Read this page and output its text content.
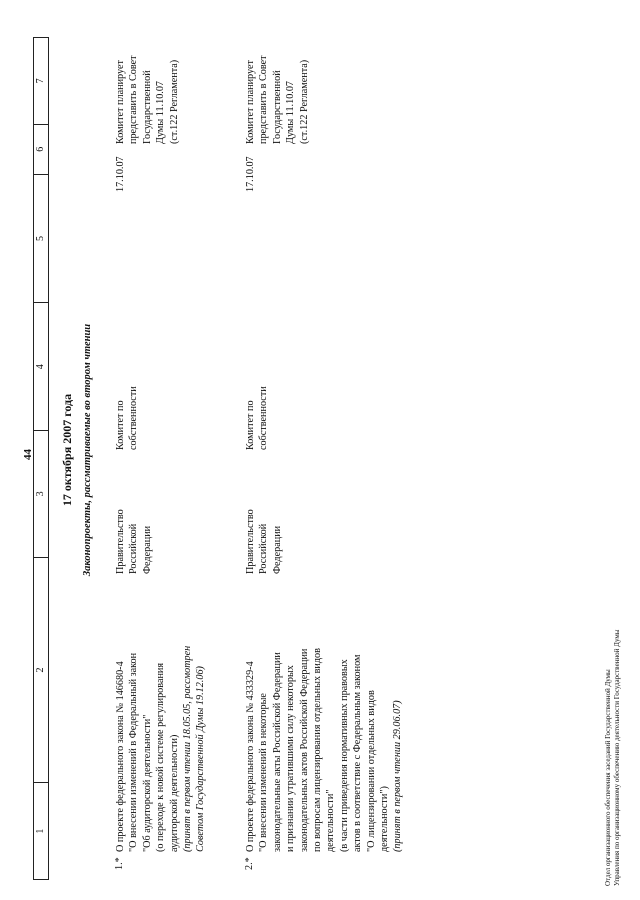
44
1
2
3
4
5
6
7
17 октября 2007 года Законопроекты, рассматриваемые во втором чтении
1.*
О проекте федерального закона № 146680-4 "О внесении изменений в Федеральный закон "Об аудиторской деятельности" (о переходе к новой системе регулирования аудиторской деятельности) (принят в первом чтении 18.05.05, рассмотрен Советом Государственной Думы 19.12.06)
Правительство Российской Федерации
Комитет по собственности
17.10.07
Комитет планирует представить в Совет Государственной Думы 11.10.07 (ст.122 Регламента)
2.*
О проекте федерального закона № 433329-4 "О внесении изменений в некоторые законодательные акты Российской Федерации и признании утратившими силу некоторых законодательных актов Российской Федерации по вопросам лицензирования отдельных видов деятельности" (в части приведения нормативных правовых актов в соответствие с Федеральным законом "О лицензировании отдельных видов деятельности") (принят в первом чтении 29.06.07)
Правительство Российской Федерации
Комитет по собственности
17.10.07
Комитет планирует представить в Совет Государственной Думы 11.10.07 (ст.122 Регламента)
Отдел организационного обеспечения заседаний Государственной Думы Управления по организационному обеспечению деятельности Государственной Думы
